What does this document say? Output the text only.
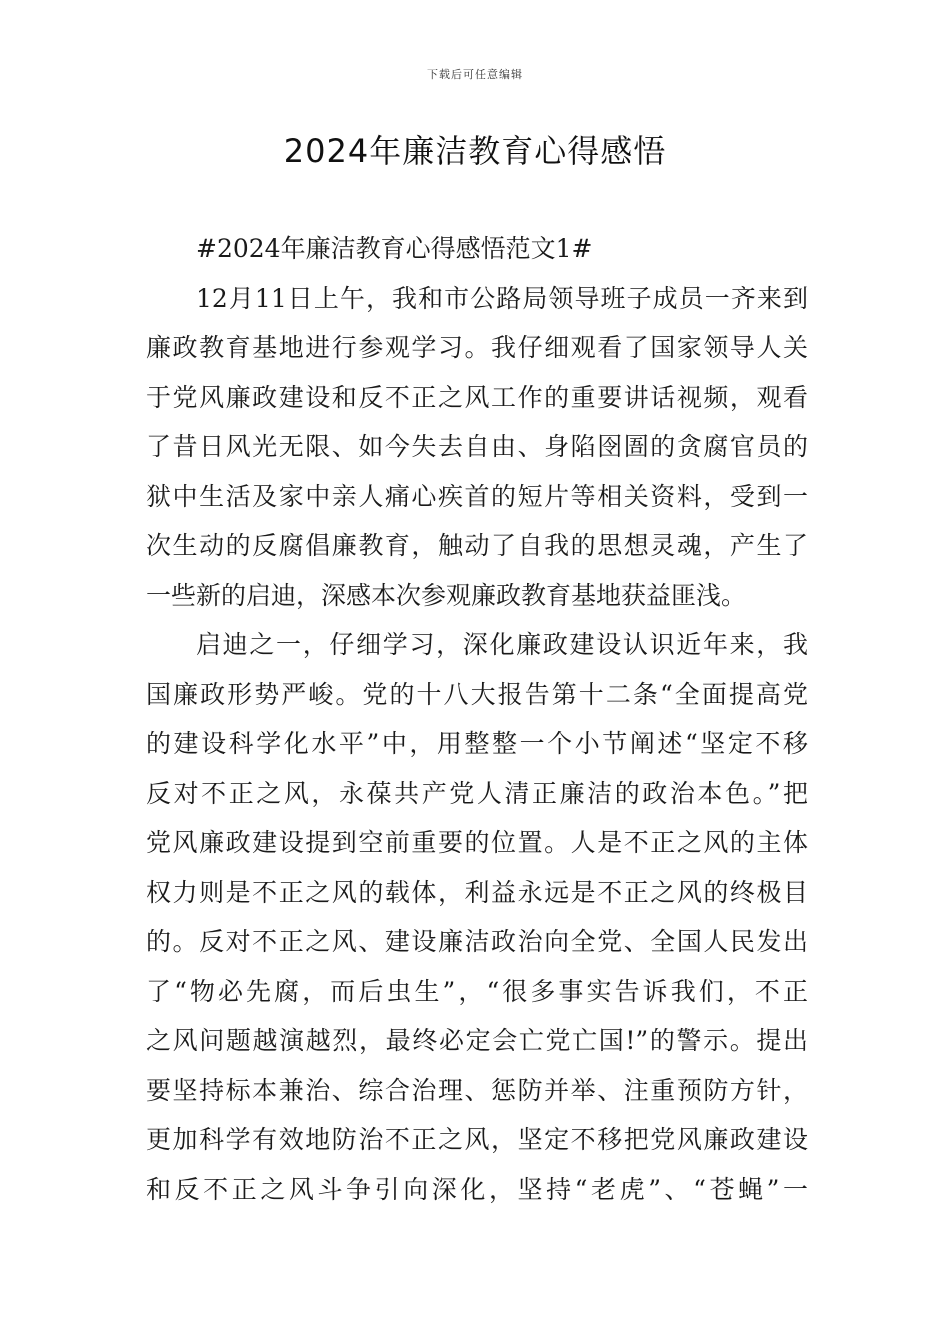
下载后可任意编辑
2024年廉洁教育心得感悟
#2024年廉洁教育心得感悟范文1#
12月11日上午，我和市公路局领导班子成员一齐来到
廉政教育基地进行参观学习。我仔细观看了国家领导人关
于党风廉政建设和反不正之风工作的重要讲话视频，观看
了昔日风光无限、如今失去自由、身陷囹圄的贪腐官员的
狱中生活及家中亲人痛心疾首的短片等相关资料，受到一
次生动的反腐倡廉教育，触动了自我的思想灵魂，产生了
一些新的启迪，深感本次参观廉政教育基地获益匪浅。
启迪之一，仔细学习，深化廉政建设认识近年来，我
国廉政形势严峻。党的十八大报告第十二条“全面提高党
的建设科学化水平”中，用整整一个小节阐述“坚定不移
反对不正之风，永葆共产党人清正廉洁的政治本色。”把
党风廉政建设提到空前重要的位置。人是不正之风的主体
权力则是不正之风的载体，利益永远是不正之风的终极目
的。反对不正之风、建设廉洁政治向全党、全国人民发出
了“物必先腐，而后虫生”，“很多事实告诉我们，不正
之风问题越演越烈，最终必定会亡党亡国!”的警示。提出
要坚持标本兼治、综合治理、惩防并举、注重预防方针，
更加科学有效地防治不正之风，坚定不移把党风廉政建设
和反不正之风斗争引向深化，坚持“老虎”、“苍蝇”一
